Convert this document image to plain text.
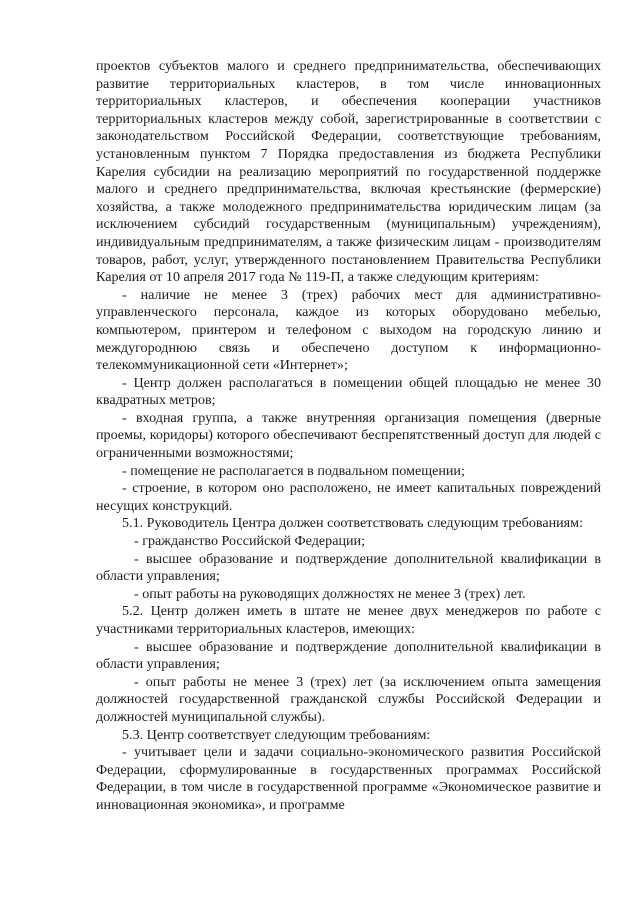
проектов субъектов малого и среднего предпринимательства, обеспечивающих развитие территориальных кластеров, в том числе инновационных территориальных кластеров, и обеспечения кооперации участников территориальных кластеров между собой, зарегистрированные в соответствии с законодательством Российской Федерации, соответствующие требованиям, установленным пунктом 7 Порядка предоставления из бюджета Республики Карелия субсидии на реализацию мероприятий по государственной поддержке малого и среднего предпринимательства, включая крестьянские (фермерские) хозяйства, а также молодежного предпринимательства юридическим лицам (за исключением субсидий государственным (муниципальным) учреждениям), индивидуальным предпринимателям, а также физическим лицам - производителям товаров, работ, услуг, утвержденного постановлением Правительства Республики Карелия от 10 апреля 2017 года № 119-П, а также следующим критериям:

- наличие не менее 3 (трех) рабочих мест для административно-управленческого персонала, каждое из которых оборудовано мебелью, компьютером, принтером и телефоном с выходом на городскую линию и междугороднюю связь и обеспечено доступом к информационно-телекоммуникационной сети «Интернет»;

- Центр должен располагаться в помещении общей площадью не менее 30 квадратных метров;

- входная группа, а также внутренняя организация помещения (дверные проемы, коридоры) которого обеспечивают беспрепятственный доступ для людей с ограниченными возможностями;

- помещение не располагается в подвальном помещении;

- строение, в котором оно расположено, не имеет капитальных повреждений несущих конструкций.

5.1. Руководитель Центра должен соответствовать следующим требованиям:

- гражданство Российской Федерации;

- высшее образование и подтверждение дополнительной квалификации в области управления;

- опыт работы на руководящих должностях не менее 3 (трех) лет.

5.2. Центр должен иметь в штате не менее двух менеджеров по работе с участниками территориальных кластеров, имеющих:

- высшее образование и подтверждение дополнительной квалификации в области управления;

- опыт работы не менее 3 (трех) лет (за исключением опыта замещения должностей государственной гражданской службы Российской Федерации и должностей муниципальной службы).

5.3. Центр соответствует следующим требованиям:

- учитывает цели и задачи социально-экономического развития Российской Федерации, сформулированные в государственных программах Российской Федерации, в том числе в государственной программе «Экономическое развитие и инновационная экономика», и программе
